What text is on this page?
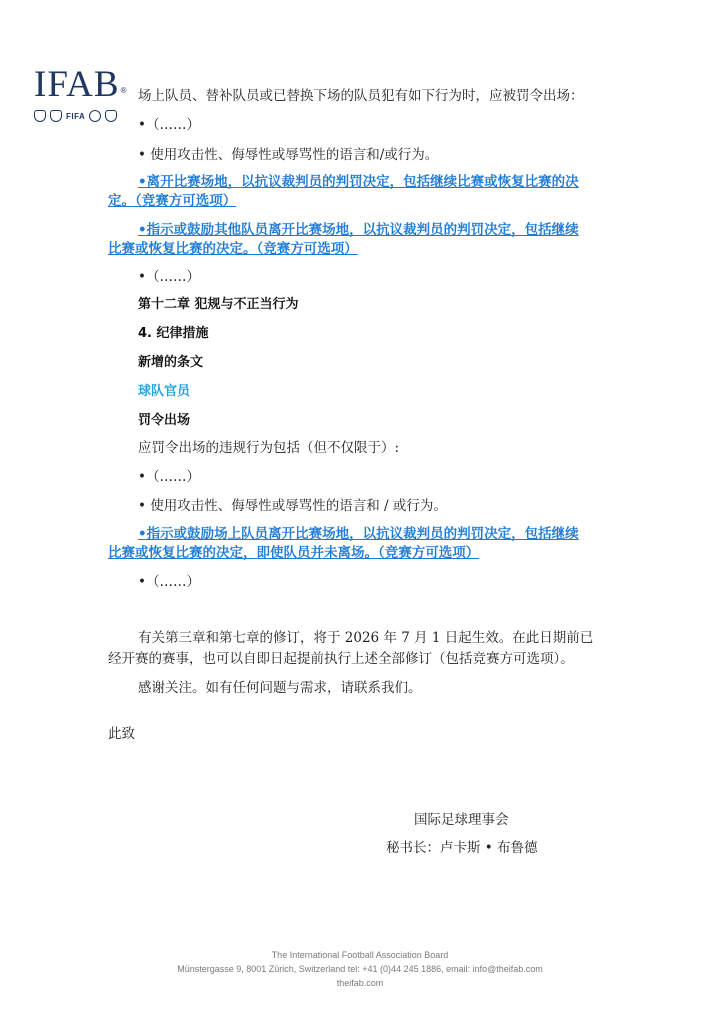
IFAB®
FIFA
场上队员、替补队员或已替换下场的队员犯有如下行为时，应被罚令出场：
•（……）
• 使用攻击性、侮辱性或辱骂性的语言和/或行为。
•离开比赛场地，以抗议裁判员的判罚决定，包括继续比赛或恢复比赛的决
定。（竞赛方可选项）
•指示或鼓励其他队员离开比赛场地，以抗议裁判员的判罚决定，包括继续
比赛或恢复比赛的决定。（竞赛方可选项）
•（……）
第十二章 犯规与不正当行为
4. 纪律措施
新增的条文
球队官员
罚令出场
应罚令出场的违规行为包括（但不仅限于）:
•（……）
• 使用攻击性、侮辱性或辱骂性的语言和 / 或行为。
•指示或鼓励场上队员离开比赛场地，以抗议裁判员的判罚决定，包括继续
比赛或恢复比赛的决定，即使队员并未离场。（竞赛方可选项）
•（……）
有关第三章和第七章的修订，将于 2026 年 7 月 1 日起生效。在此日期前已
经开赛的赛事，也可以自即日起提前执行上述全部修订（包括竞赛方可选项）。
感谢关注。如有任何问题与需求，请联系我们。
此致
国际足球理事会
秘书长：卢卡斯 • 布鲁德
The International Football Association Board
Münstergasse 9, 8001 Zürich, Switzerland tel: +41 (0)44 245 1886, email: info@theifab.com
theifab.com
